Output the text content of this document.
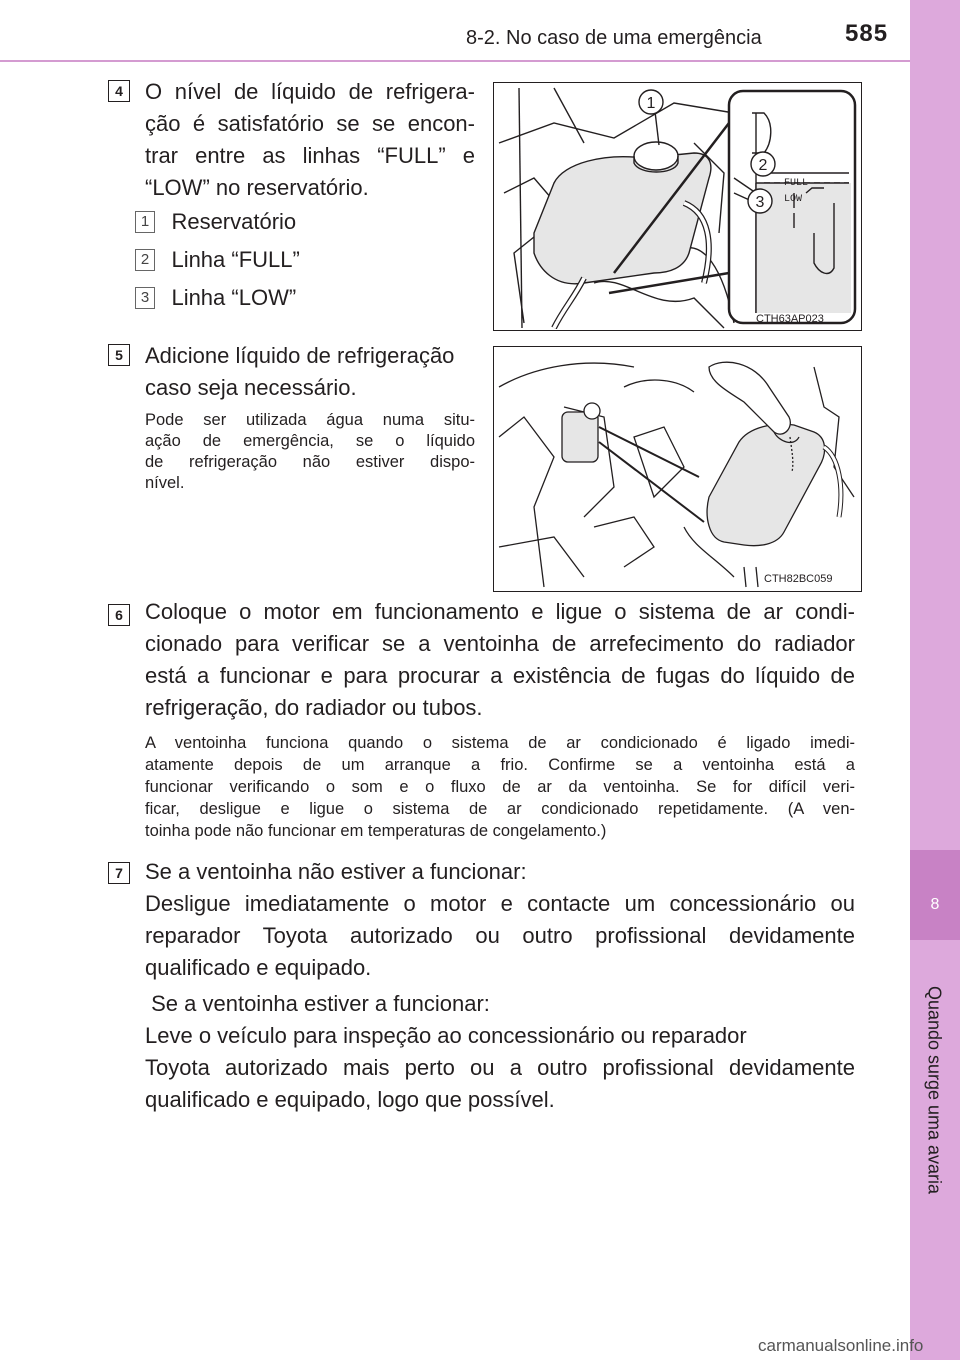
8-2. No caso de uma emergência	585
8
Quando surge uma avaria
4	O nível de líquido de refrigera-
ção é satisfatório se se encon-
trar entre as linhas “FULL” e
“LOW” no reservatório.
1 Reservatório
2 Linha “FULL”
3 Linha “LOW”
1
2
3
FULL
LOW
CTH63AP023
5	Adicione líquido de refrigeração
caso seja necessário.
Pode ser utilizada água numa situ-
ação de emergência, se o líquido
de refrigeração não estiver dispo-
nível.
CTH82BC059
6	Coloque o motor em funcionamento e ligue o sistema de ar condi-
cionado para verificar se a ventoinha de arrefecimento do radiador
está a funcionar e para procurar a existência de fugas do líquido de
refrigeração, do radiador ou tubos.
A ventoinha funciona quando o sistema de ar condicionado é ligado imedi-
atamente depois de um arranque a frio. Confirme se a ventoinha está a
funcionar verificando o som e o fluxo de ar da ventoinha. Se for difícil veri-
ficar, desligue e ligue o sistema de ar condicionado repetidamente. (A ven-
toinha pode não funcionar em temperaturas de congelamento.)
7	Se a ventoinha não estiver a funcionar:
Desligue imediatamente o motor e contacte um concessionário ou
reparador Toyota autorizado ou outro profissional devidamente
qualificado e equipado.
Se a ventoinha estiver a funcionar:
Leve o veículo para inspeção ao concessionário ou reparador
Toyota autorizado mais perto ou a outro profissional devidamente
qualificado e equipado, logo que possível.
carmanualsonline.info
